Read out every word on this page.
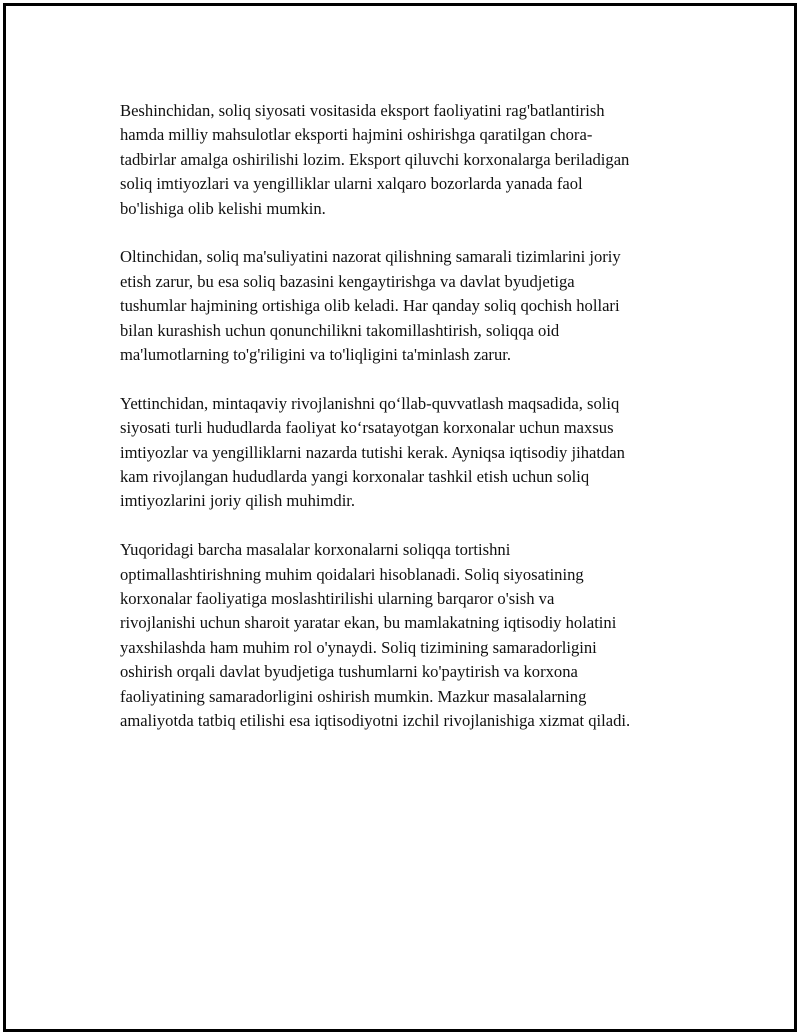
Beshinchidan, soliq siyosati vositasida eksport faoliyatini rag'batlantirish
hamda milliy mahsulotlar eksporti hajmini oshirishga qaratilgan chora-
tadbirlar amalga oshirilishi lozim. Eksport qiluvchi korxonalarga beriladigan
soliq imtiyozlari va yengilliklar ularni xalqaro bozorlarda yanada faol
bo'lishiga olib kelishi mumkin.

Oltinchidan, soliq ma'suliyatini nazorat qilishning samarali tizimlarini joriy
etish zarur, bu esa soliq bazasini kengaytirishga va davlat byudjetiga
tushumlar hajmining ortishiga olib keladi. Har qanday soliq qochish hollari
bilan kurashish uchun qonunchilikni takomillashtirish, soliqqa oid
ma'lumotlarning to'g'riligini va to'liqligini ta'minlash zarur.

Yettinchidan, mintaqaviy rivojlanishni qo‘llab-quvvatlash maqsadida, soliq
siyosati turli hududlarda faoliyat ko‘rsatayotgan korxonalar uchun maxsus
imtiyozlar va yengilliklarni nazarda tutishi kerak. Ayniqsa iqtisodiy jihatdan
kam rivojlangan hududlarda yangi korxonalar tashkil etish uchun soliq
imtiyozlarini joriy qilish muhimdir.

Yuqoridagi barcha masalalar korxonalarni soliqqa tortishni
optimallashtirishning muhim qoidalari hisoblanadi. Soliq siyosatining
korxonalar faoliyatiga moslashtirilishi ularning barqaror o'sish va
rivojlanishi uchun sharoit yaratar ekan, bu mamlakatning iqtisodiy holatini
yaxshilashda ham muhim rol o'ynaydi. Soliq tizimining samaradorligini
oshirish orqali davlat byudjetiga tushumlarni ko'paytirish va korxona
faoliyatining samaradorligini oshirish mumkin. Mazkur masalalarning
amaliyotda tatbiq etilishi esa iqtisodiyotni izchil rivojlanishiga xizmat qiladi.
